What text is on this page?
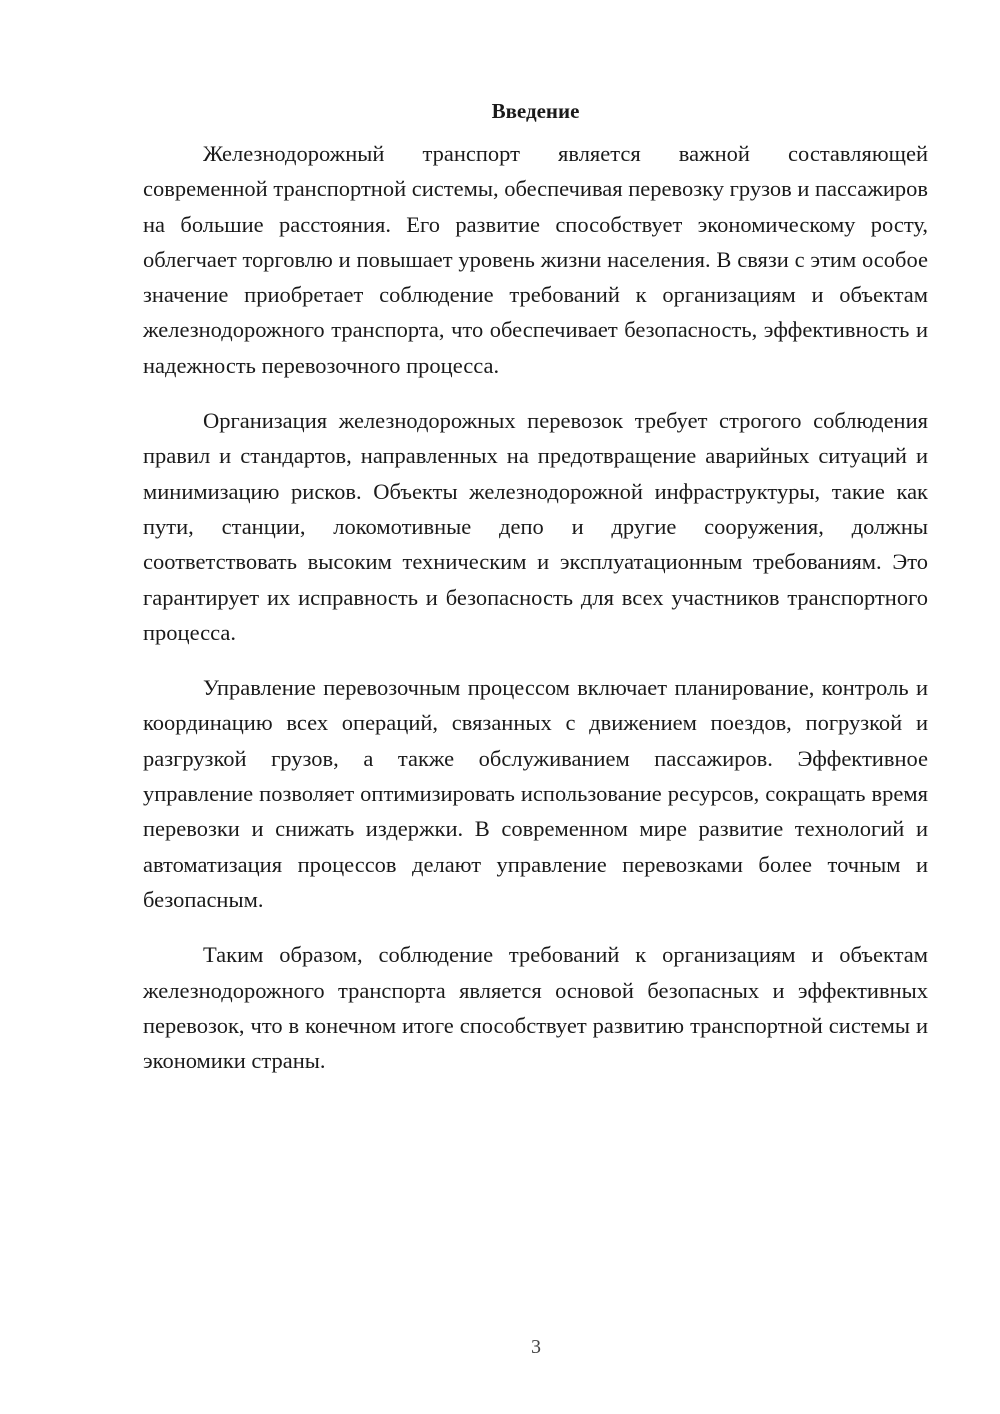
Введение

Железнодорожный транспорт является важной составляющей современной транспортной системы, обеспечивая перевозку грузов и пассажиров на большие расстояния. Его развитие способствует экономическому росту, облегчает торговлю и повышает уровень жизни населения. В связи с этим особое значение приобретает соблюдение требований к организациям и объектам железнодорожного транспорта, что обеспечивает безопасность, эффективность и надежность перевозочного процесса.

Организация железнодорожных перевозок требует строгого соблюдения правил и стандартов, направленных на предотвращение аварийных ситуаций и минимизацию рисков. Объекты железнодорожной инфраструктуры, такие как пути, станции, локомотивные депо и другие сооружения, должны соответствовать высоким техническим и эксплуатационным требованиям. Это гарантирует их исправность и безопасность для всех участников транспортного процесса.

Управление перевозочным процессом включает планирование, контроль и координацию всех операций, связанных с движением поездов, погрузкой и разгрузкой грузов, а также обслуживанием пассажиров. Эффективное управление позволяет оптимизировать использование ресурсов, сокращать время перевозки и снижать издержки. В современном мире развитие технологий и автоматизация процессов делают управление перевозками более точным и безопасным.

Таким образом, соблюдение требований к организациям и объектам железнодорожного транспорта является основой безопасных и эффективных перевозок, что в конечном итоге способствует развитию транспортной системы и экономики страны.

3
